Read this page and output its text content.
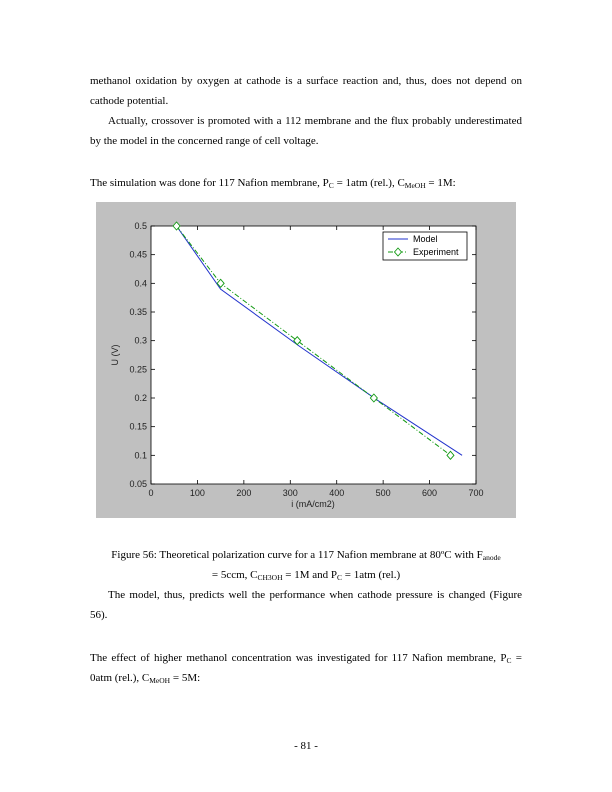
methanol oxidation by oxygen at cathode is a surface reaction and, thus, does not depend on cathode potential.
Actually, crossover is promoted with a 112 membrane and the flux probably underestimated by the model in the concerned range of cell voltage.
The simulation was done for 117 Nafion membrane, $P_C = 1atm$ (rel.), $C_{MeOH} = 1M$:
0	100	200	300	400	500	600	700
0.05
0.1
0.15
0.2
0.25
0.3
0.35
0.4
0.45
0.5
i (mA/cm2)
U (V)
Model
Experiment
Figure 56: Theoretical polarization curve for a 117 Nafion membrane at 80ºC with $F_{anode}$
= 5ccm, $C_{CH3OH} = 1M$ and $P_C = 1atm$ (rel.)
The model, thus, predicts well the performance when cathode pressure is changed (Figure 56).
The effect of higher methanol concentration was investigated for 117 Nafion membrane, $P_C = 0atm$ (rel.), $C_{MeOH} = 5M$:
- 81 -
